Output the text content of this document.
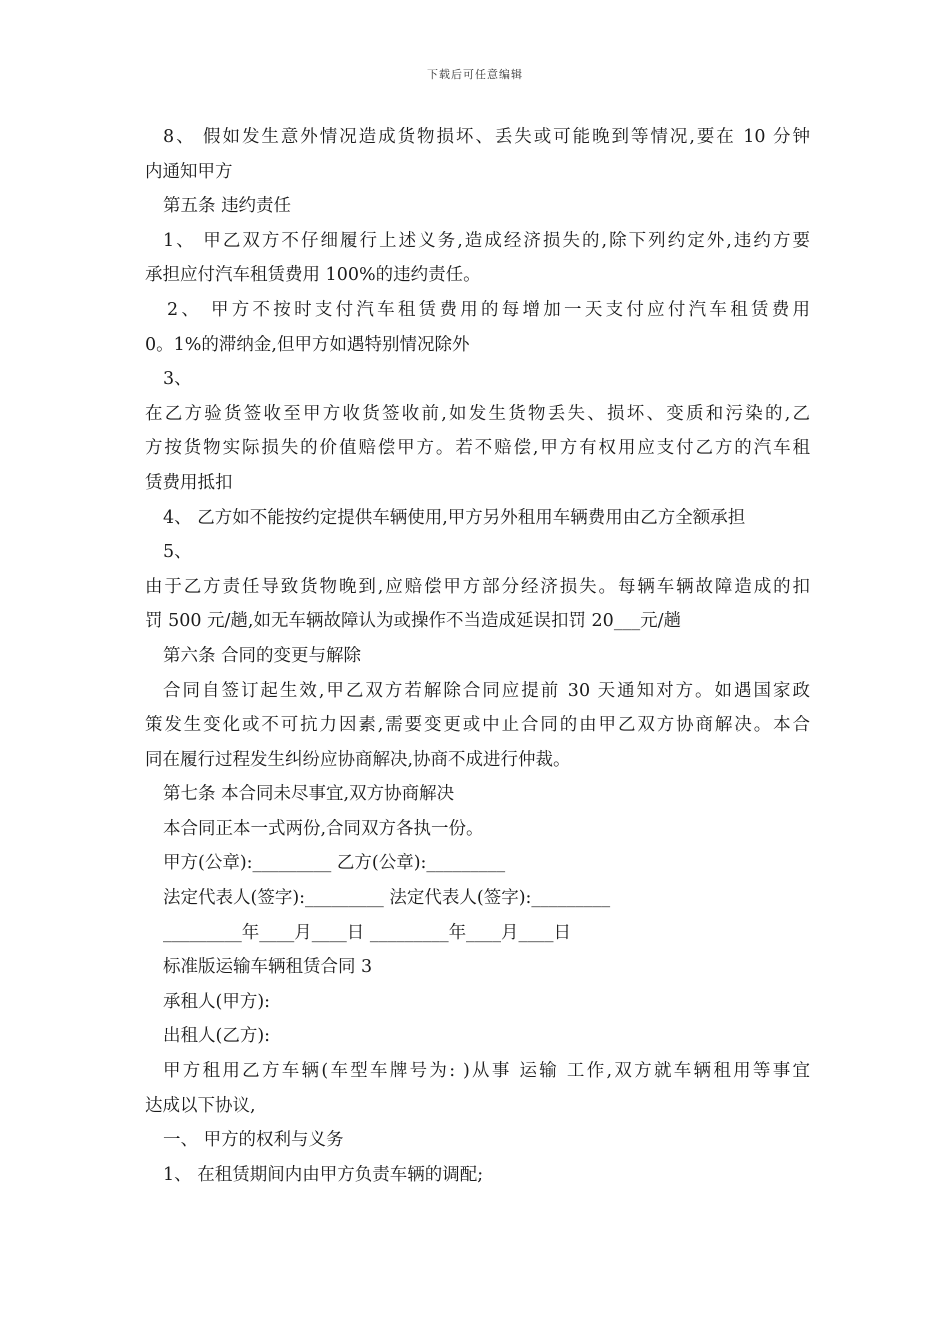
下载后可任意编辑
8、 假如发生意外情况造成货物损坏、丢失或可能晚到等情况,要在 10 分钟
内通知甲方
第五条 违约责任
1、 甲乙双方不仔细履行上述义务,造成经济损失的,除下列约定外,违约方要
承担应付汽车租赁费用 100%的违约责任。
2、 甲方不按时支付汽车租赁费用的每增加一天支付应付汽车租赁费用
0。1%的滞纳金,但甲方如遇特别情况除外
3、
在乙方验货签收至甲方收货签收前,如发生货物丢失、损坏、变质和污染的,乙
方按货物实际损失的价值赔偿甲方。若不赔偿,甲方有权用应支付乙方的汽车租
赁费用抵扣
4、 乙方如不能按约定提供车辆使用,甲方另外租用车辆费用由乙方全额承担
5、
由于乙方责任导致货物晚到,应赔偿甲方部分经济损失。每辆车辆故障造成的扣
罚 500 元/趟,如无车辆故障认为或操作不当造成延误扣罚 20___元/趟
第六条 合同的变更与解除
合同自签订起生效,甲乙双方若解除合同应提前 30 天通知对方。如遇国家政
策发生变化或不可抗力因素,需要变更或中止合同的由甲乙双方协商解决。本合
同在履行过程发生纠纷应协商解决,协商不成进行仲裁。
第七条 本合同未尽事宜,双方协商解决
本合同正本一式两份,合同双方各执一份。
甲方(公章):_________ 乙方(公章):_________
法定代表人(签字):_________ 法定代表人(签字):_________
_________年____月____日 _________年____月____日
标准版运输车辆租赁合同 3
承租人(甲方):
出租人(乙方):
甲方租用乙方车辆(车型车牌号为: )从事 运输 工作,双方就车辆租用等事宜
达成以下协议,
一、 甲方的权利与义务
1、 在租赁期间内由甲方负责车辆的调配;
